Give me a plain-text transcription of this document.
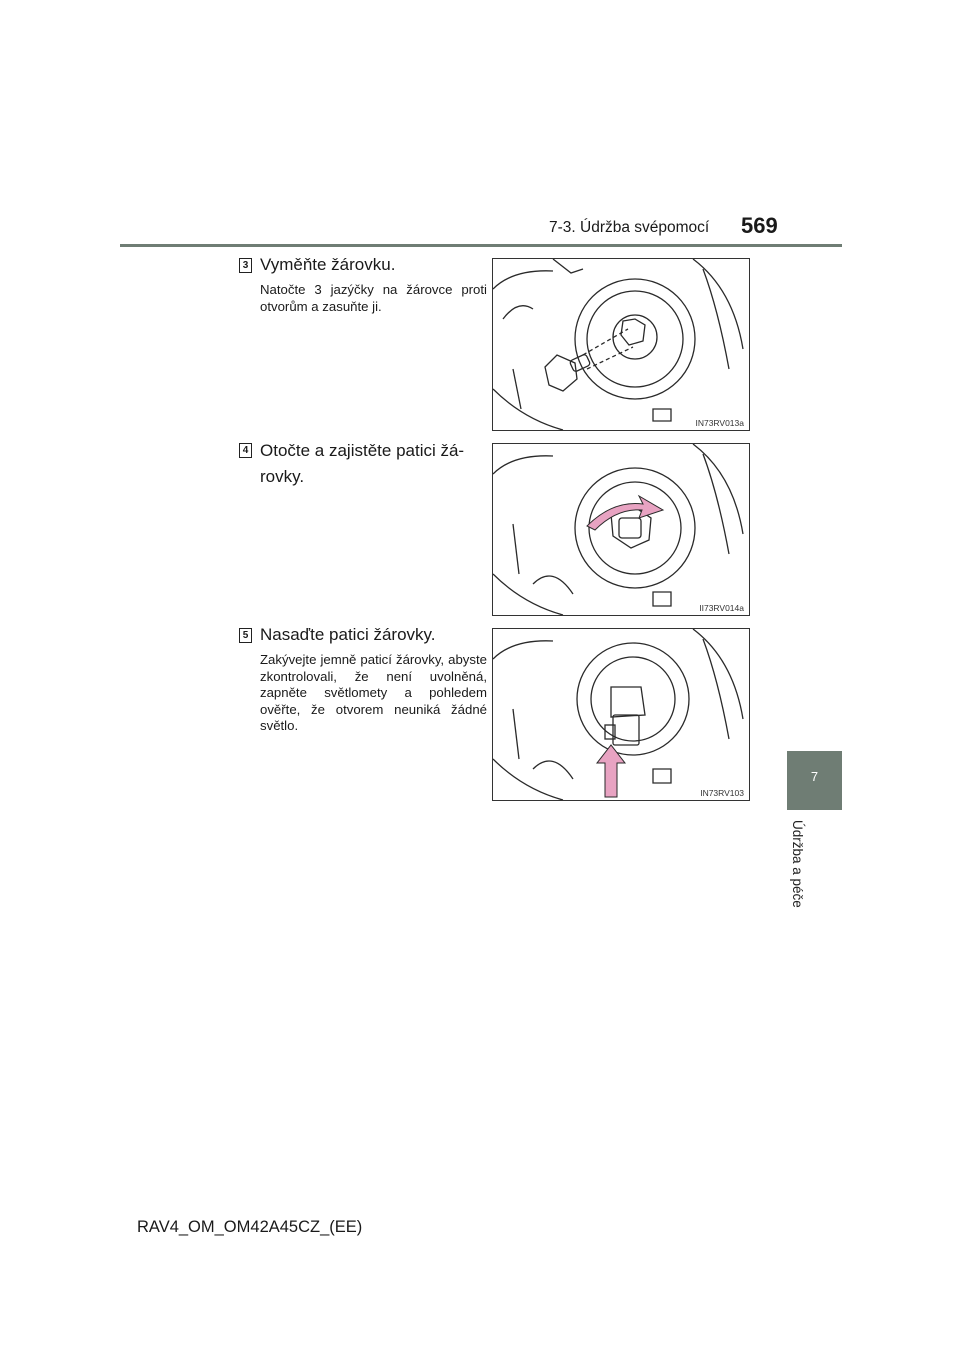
7-3. Údržba svépomocí 569
7
Údržba a péče
3 Vyměňte žárovku.
Natočte 3 jazýčky na žárovce proti otvorům a zasuňte ji.
IN73RV013a
4 Otočte a zajistěte patici žá-rovky.
II73RV014a
5 Nasaďte patici žárovky.
Zakývejte jemně paticí žárovky, abyste zkontrolovali, že není uvolněná, zapněte světlomety a pohledem ověřte, že otvorem neuniká žádné světlo.
IN73RV103
RAV4_OM_OM42A45CZ_(EE)
